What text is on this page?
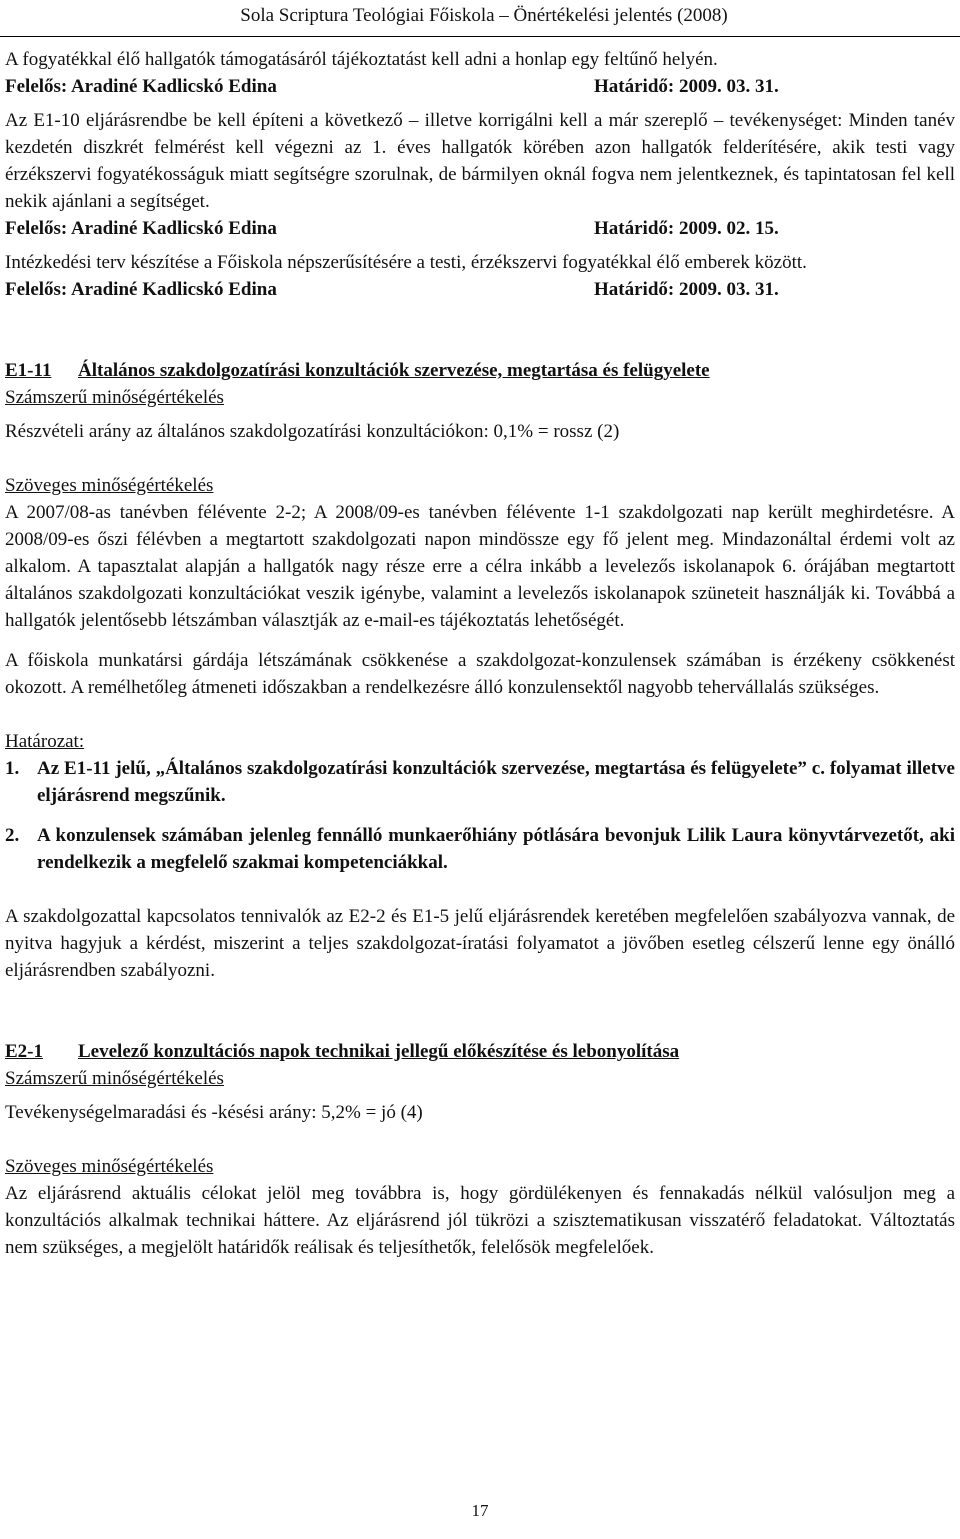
Sola Scriptura Teológiai Főiskola – Önértékelési jelentés (2008)

A fogyatékkal élő hallgatók támogatásáról tájékoztatást kell adni a honlap egy feltűnő helyén.

Felelős: Aradiné Kadlicskó Edina	Határidő: 2009. 03. 31.

Az E1-10 eljárásrendbe be kell építeni a következő – illetve korrigálni kell a már szereplő – tevékenységet: Minden tanév kezdetén diszkrét felmérést kell végezni az 1. éves hallgatók körében azon hallgatók felderítésére, akik testi vagy érzékszervi fogyatékosságuk miatt segítségre szorulnak, de bármilyen oknál fogva nem jelentkeznek, és tapintatosan fel kell nekik ajánlani a segítséget.

Felelős: Aradiné Kadlicskó Edina	Határidő: 2009. 02. 15.

Intézkedési terv készítése a Főiskola népszerűsítésére a testi, érzékszervi fogyatékkal élő emberek között.

Felelős: Aradiné Kadlicskó Edina	Határidő: 2009. 03. 31.
E1-11	Általános szakdolgozatírási konzultációk szervezése, megtartása és felügyelete

Számszerű minőségértékelés

Részvételi arány az általános szakdolgozatírási konzultációkon: 0,1% = rossz (2)

Szöveges minőségértékelés

A 2007/08-as tanévben félévente 2-2; A 2008/09-es tanévben félévente 1-1 szakdolgozati nap került meghirdetésre. A 2008/09-es őszi félévben a megtartott szakdolgozati napon mindössze egy fő jelent meg. Mindazonáltal érdemi volt az alkalom. A tapasztalat alapján a hallgatók nagy része erre a célra inkább a levelezős iskolanapok 6. órájában megtartott általános szakdolgozati konzultációkat veszik igénybe, valamint a levelezős iskolanapok szüneteit használják ki. Továbbá a hallgatók jelentősebb létszámban választják az e-mail-es tájékoztatás lehetőségét.

A főiskola munkatársi gárdája létszámának csökkenése a szakdolgozat-konzulensek számában is érzékeny csökkenést okozott. A remélhetőleg átmeneti időszakban a rendelkezésre álló konzulensektől nagyobb tehervállalás szükséges.

Határozat:

1. Az E1-11 jelű, „Általános szakdolgozatírási konzultációk szervezése, megtartása és felügyelete” c. folyamat illetve eljárásrend megszűnik.
2. A konzulensek számában jelenleg fennálló munkaerőhiány pótlására bevonjuk Lilik Laura könyvtárvezetőt, aki rendelkezik a megfelelő szakmai kompetenciákkal.

A szakdolgozattal kapcsolatos tennivalók az E2-2 és E1-5 jelű eljárásrendek keretében megfelelően szabályozva vannak, de nyitva hagyjuk a kérdést, miszerint a teljes szakdolgozat-íratási folyamatot a jövőben esetleg célszerű lenne egy önálló eljárásrendben szabályozni.

E2-1	Levelező konzultációs napok technikai jellegű előkészítése és lebonyolítása

Számszerű minőségértékelés

Tevékenységelmaradási és -késési arány: 5,2% = jó (4)

Szöveges minőségértékelés

Az eljárásrend aktuális célokat jelöl meg továbbra is, hogy gördülékenyen és fennakadás nélkül valósuljon meg a konzultációs alkalmak technikai háttere. Az eljárásrend jól tükrözi a szisztematikusan visszatérő feladatokat. Változtatás nem szükséges, a megjelölt határidők reálisak és teljesíthetők, felelősök megfelelőek.

17
